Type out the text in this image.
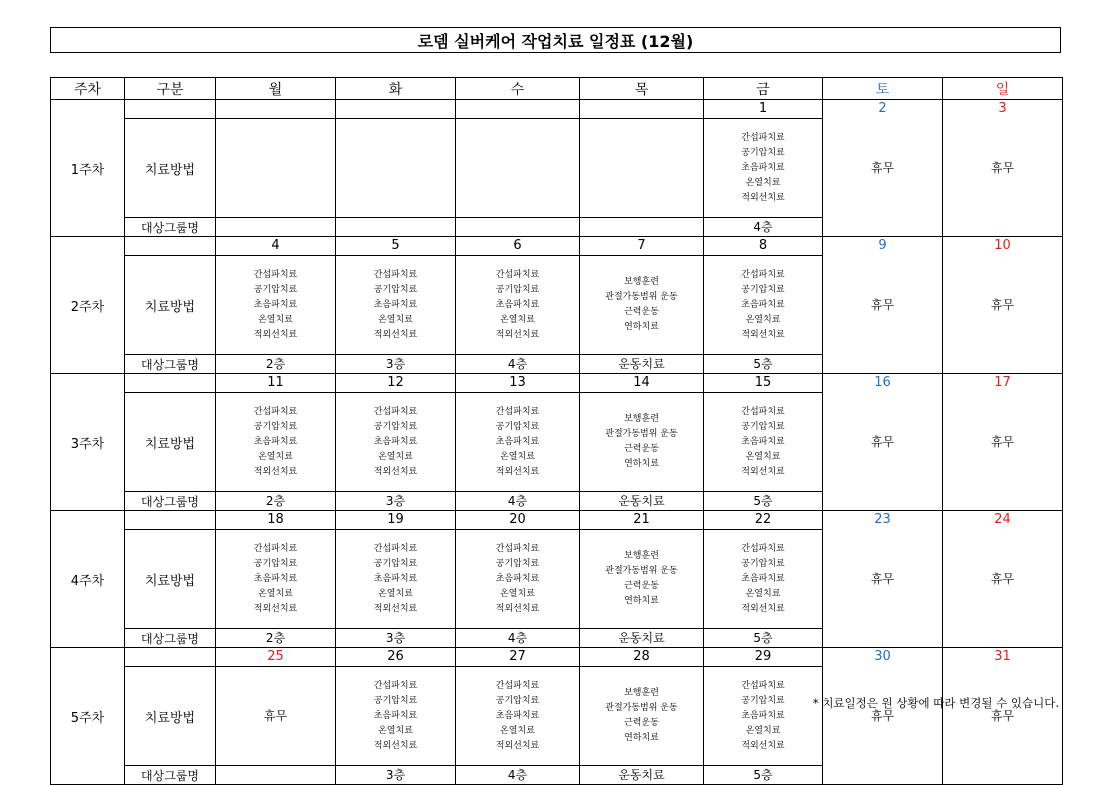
로뎀 실버케어 작업치료 일정표 (12월)
주차	구분	월	화	수	목	금	토	일
1주차						1	2	3
	치료방법					간섭파치료
공기압치료
초음파치료
온열치료
적외선치료	휴무	휴무

	대상그룹명					4층		
2주차		4	5	6	7	8	9	10
	치료방법	간섭파치료
공기압치료
초음파치료
온열치료
적외선치료	간섭파치료
공기압치료
초음파치료
온열치료
적외선치료	간섭파치료
공기압치료
초음파치료
온열치료
적외선치료	보행훈련
관절가동범위 운동
근력운동
연하치료	간섭파치료
공기압치료
초음파치료
온열치료
적외선치료	휴무	휴무

	대상그룹명	2층	3층	4층	운동치료	5층		
3주차		11	12	13	14	15	16	17
	치료방법	간섭파치료
공기압치료
초음파치료
온열치료
적외선치료	간섭파치료
공기압치료
초음파치료
온열치료
적외선치료	간섭파치료
공기압치료
초음파치료
온열치료
적외선치료	보행훈련
관절가동범위 운동
근력운동
연하치료	간섭파치료
공기압치료
초음파치료
온열치료
적외선치료	휴무	휴무

	대상그룹명	2층	3층	4층	운동치료	5층		
4주차		18	19	20	21	22	23	24
	치료방법	간섭파치료
공기압치료
초음파치료
온열치료
적외선치료	간섭파치료
공기압치료
초음파치료
온열치료
적외선치료	간섭파치료
공기압치료
초음파치료
온열치료
적외선치료	보행훈련
관절가동범위 운동
근력운동
연하치료	간섭파치료
공기압치료
초음파치료
온열치료
적외선치료	휴무	휴무

	대상그룹명	2층	3층	4층	운동치료	5층		
5주차		25	26	27	28	29	30	31
	치료방법	휴무	간섭파치료
공기압치료
초음파치료
온열치료
적외선치료	간섭파치료
공기압치료
초음파치료
온열치료
적외선치료	보행훈련
관절가동범위 운동
근력운동
연하치료	간섭파치료
공기압치료
초음파치료
온열치료
적외선치료	휴무	휴무

	대상그룹명		3층	4층	운동치료	5층		
* 치료일정은 원 상황에 따라 변경될 수 있습니다.
